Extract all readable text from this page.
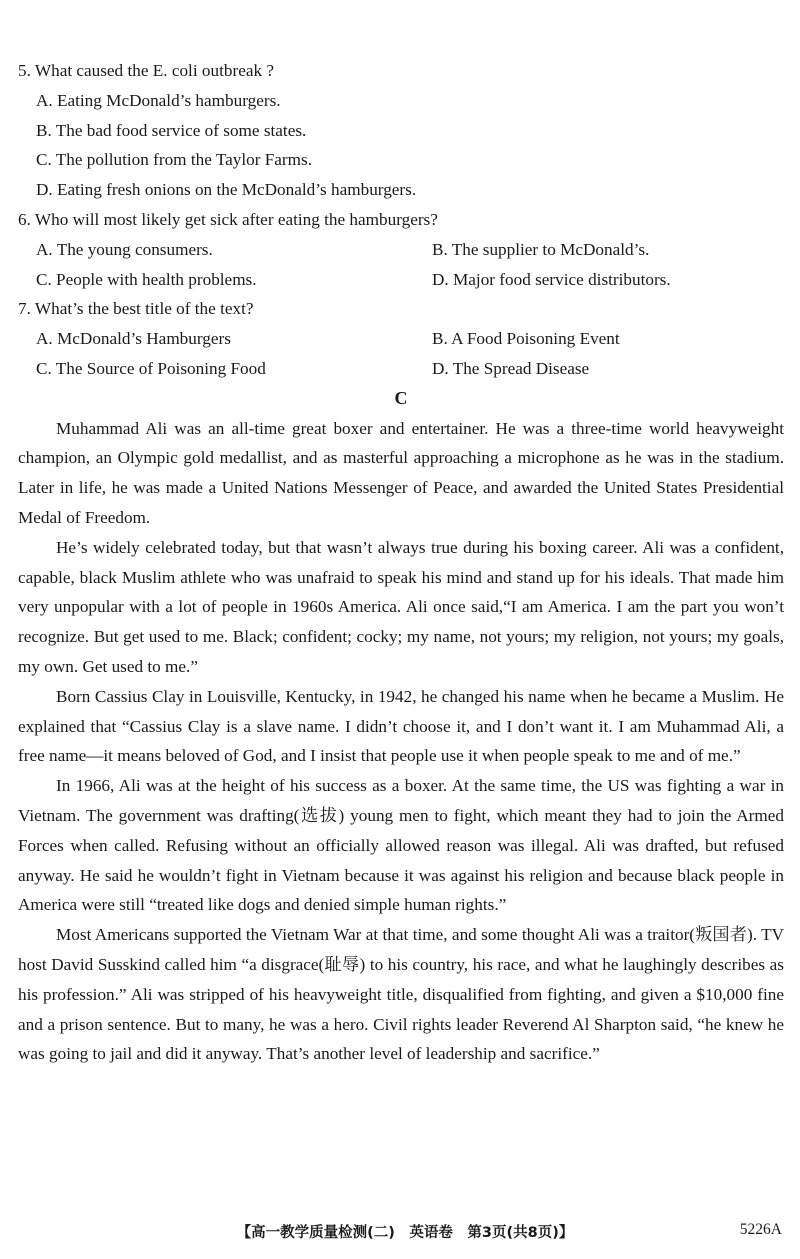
5. What caused the E. coli outbreak ?
A. Eating McDonald’s hamburgers.
B. The bad food service of some states.
C. The pollution from the Taylor Farms.
D. Eating fresh onions on the McDonald’s hamburgers.
6. Who will most likely get sick after eating the hamburgers?
A. The young consumers.	B. The supplier to McDonald’s.
C. People with health problems.	D. Major food service distributors.
7. What’s the best title of the text?
A. McDonald’s Hamburgers	B. A Food Poisoning Event
C. The Source of Poisoning Food	D. The Spread Disease
C

Muhammad Ali was an all-time great boxer and entertainer. He was a three-time world heavyweight champion, an Olympic gold medallist, and as masterful approaching a microphone as he was in the stadium. Later in life, he was made a United Nations Messenger of Peace, and awarded the United States Presidential Medal of Freedom.

He’s widely celebrated today, but that wasn’t always true during his boxing career. Ali was a confident, capable, black Muslim athlete who was unafraid to speak his mind and stand up for his ideals. That made him very unpopular with a lot of people in 1960s America. Ali once said,“I am America. I am the part you won’t recognize. But get used to me. Black; confident; cocky; my name, not yours; my religion, not yours; my goals, my own. Get used to me.”

Born Cassius Clay in Louisville, Kentucky, in 1942, he changed his name when he became a Muslim. He explained that “Cassius Clay is a slave name. I didn’t choose it, and I don’t want it. I am Muhammad Ali, a free name—it means beloved of God, and I insist that people use it when people speak to me and of me.”

In 1966, Ali was at the height of his success as a boxer. At the same time, the US was fighting a war in Vietnam. The government was drafting(选拔) young men to fight, which meant they had to join the Armed Forces when called. Refusing without an officially allowed reason was illegal. Ali was drafted, but refused anyway. He said he wouldn’t fight in Vietnam because it was against his religion and because black people in America were still “treated like dogs and denied simple human rights.”

Most Americans supported the Vietnam War at that time, and some thought Ali was a traitor(叛国者). TV host David Susskind called him “a disgrace(耻辱) to his country, his race, and what he laughingly describes as his profession.” Ali was stripped of his heavyweight title, disqualified from fighting, and given a $10,000 fine and a prison sentence. But to many, he was a hero. Civil rights leader Reverend Al Sharpton said, “he knew he was going to jail and did it anyway. That’s another level of leadership and sacrifice.”

【高一教学质量检测(二)　英语卷　第3页(共8页)】	5226A
